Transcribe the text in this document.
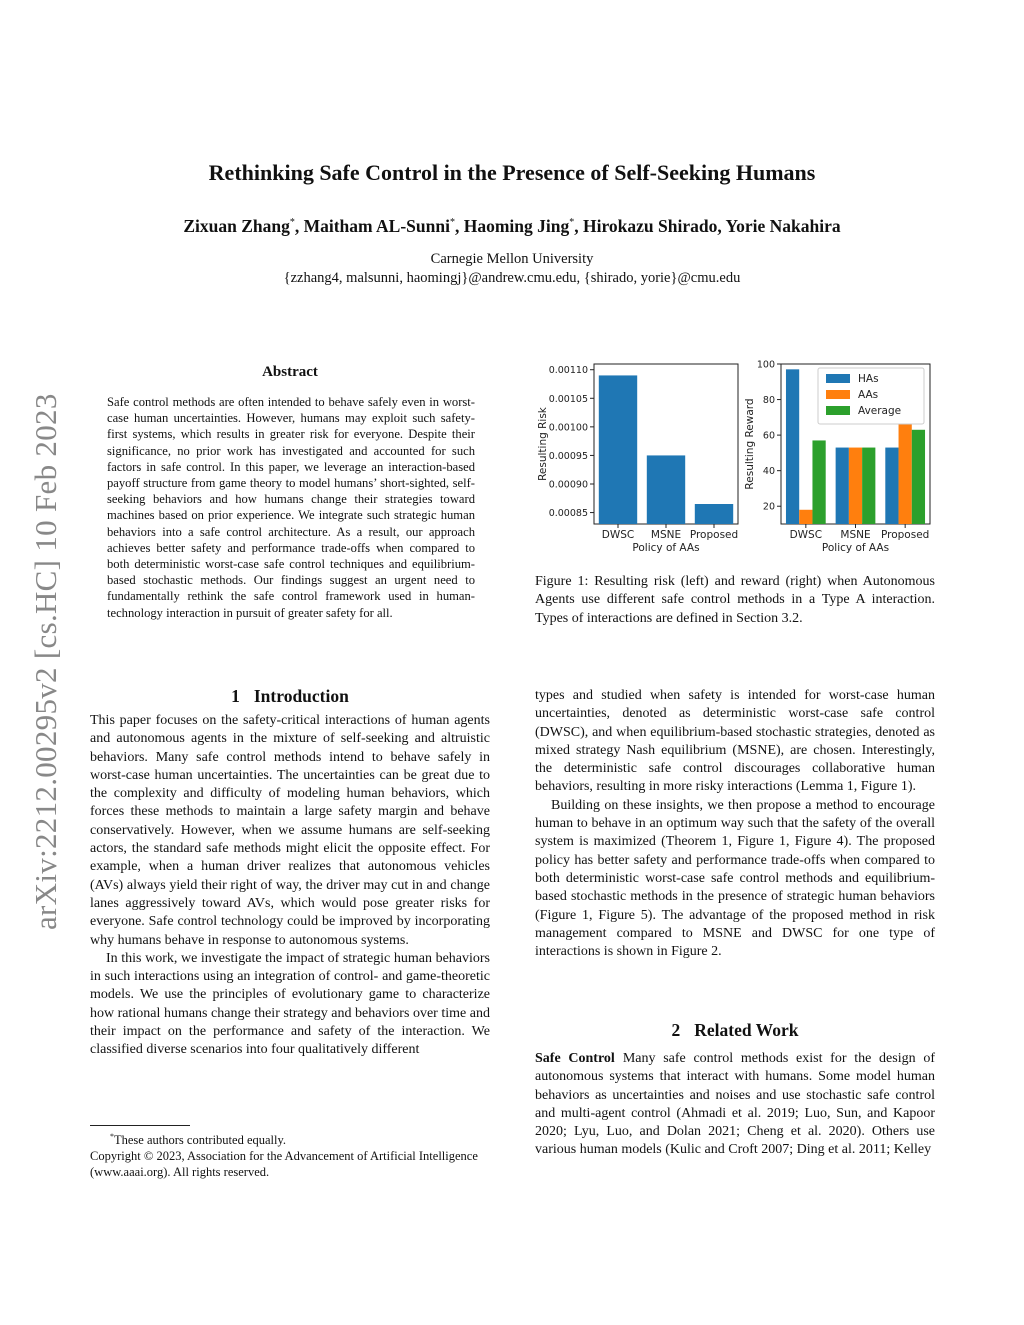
arXiv:2212.00295v2 [cs.HC] 10 Feb 2023
Rethinking Safe Control in the Presence of Self-Seeking Humans
Zixuan Zhang*, Maitham AL-Sunni*, Haoming Jing*, Hirokazu Shirado, Yorie Nakahira
Carnegie Mellon University
{zzhang4, malsunni, haomingj}@andrew.cmu.edu, {shirado, yorie}@cmu.edu
Abstract
Safe control methods are often intended to behave safely even in worst-case human uncertainties. However, humans may exploit such safety-first systems, which results in greater risk for everyone. Despite their significance, no prior work has investigated and accounted for such factors in safe control. In this paper, we leverage an interaction-based payoff structure from game theory to model humans’ short-sighted, self-seeking behaviors and how humans change their strategies toward machines based on prior experience. We integrate such strategic human behaviors into a safe control architecture. As a result, our approach achieves better safety and performance trade-offs when compared to both deterministic worst-case safe control techniques and equilibrium-based stochastic methods. Our findings suggest an urgent need to fundamentally rethink the safe control framework used in human-technology interaction in pursuit of greater safety for all.
1 Introduction

This paper focuses on the safety-critical interactions of human agents and autonomous agents in the mixture of self-seeking and altruistic behaviors. Many safe control methods intend to behave safely in worst-case human uncertainties. The uncertainties can be great due to the complexity and difficulty of modeling human behaviors, which forces these methods to maintain a large safety margin and behave conservatively. However, when we assume humans are self-seeking actors, the standard safe methods might elicit the opposite effect. For example, when a human driver realizes that autonomous vehicles (AVs) always yield their right of way, the driver may cut in and change lanes aggressively toward AVs, which would pose greater risks for everyone. Safe control technology could be improved by incorporating why humans behave in response to autonomous systems.

In this work, we investigate the impact of strategic human behaviors in such interactions using an integration of control- and game-theoretic models. We use the principles of evolutionary game to characterize how rational humans change their strategy and behaviors over time and their impact on the performance and safety of the interaction. We classified diverse scenarios into four qualitatively different

*These authors contributed equally.
Copyright © 2023, Association for the Advancement of Artificial Intelligence (www.aaai.org). All rights reserved.
0.00085
0.00090
0.00095
0.00100
0.00105
0.00110
DWSC MSNE Proposed
Policy of AAs
Resulting Risk
20
40
60
80
100
DWSC MSNE Proposed
Policy of AAs
Resulting Reward
HAs
AAs
Average
Figure 1: Resulting risk (left) and reward (right) when Autonomous Agents use different safe control methods in a Type A interaction. Types of interactions are defined in Section 3.2.

types and studied when safety is intended for worst-case human uncertainties, denoted as deterministic worst-case safe control (DWSC), and when equilibrium-based stochastic strategies, denoted as mixed strategy Nash equilibrium (MSNE), are chosen. Interestingly, the deterministic safe control discourages collaborative human behaviors, resulting in more risky interactions (Lemma 1, Figure 1).

Building on these insights, we then propose a method to encourage human to behave in an optimum way such that the safety of the overall system is maximized (Theorem 1, Figure 1, Figure 4). The proposed policy has better safety and performance trade-offs when compared to both deterministic worst-case safe control methods and equilibrium-based stochastic methods in the presence of strategic human behaviors (Figure 1, Figure 5). The advantage of the proposed method in risk management compared to MSNE and DWSC for one type of interactions is shown in Figure 2.

2 Related Work
Safe Control Many safe control methods exist for the design of autonomous systems that interact with humans. Some model human behaviors as uncertainties and noises and use stochastic safe control and multi-agent control (Ahmadi et al. 2019; Luo, Sun, and Kapoor 2020; Lyu, Luo, and Dolan 2021; Cheng et al. 2020). Others use various human models (Kulic and Croft 2007; Ding et al. 2011; Kelley
